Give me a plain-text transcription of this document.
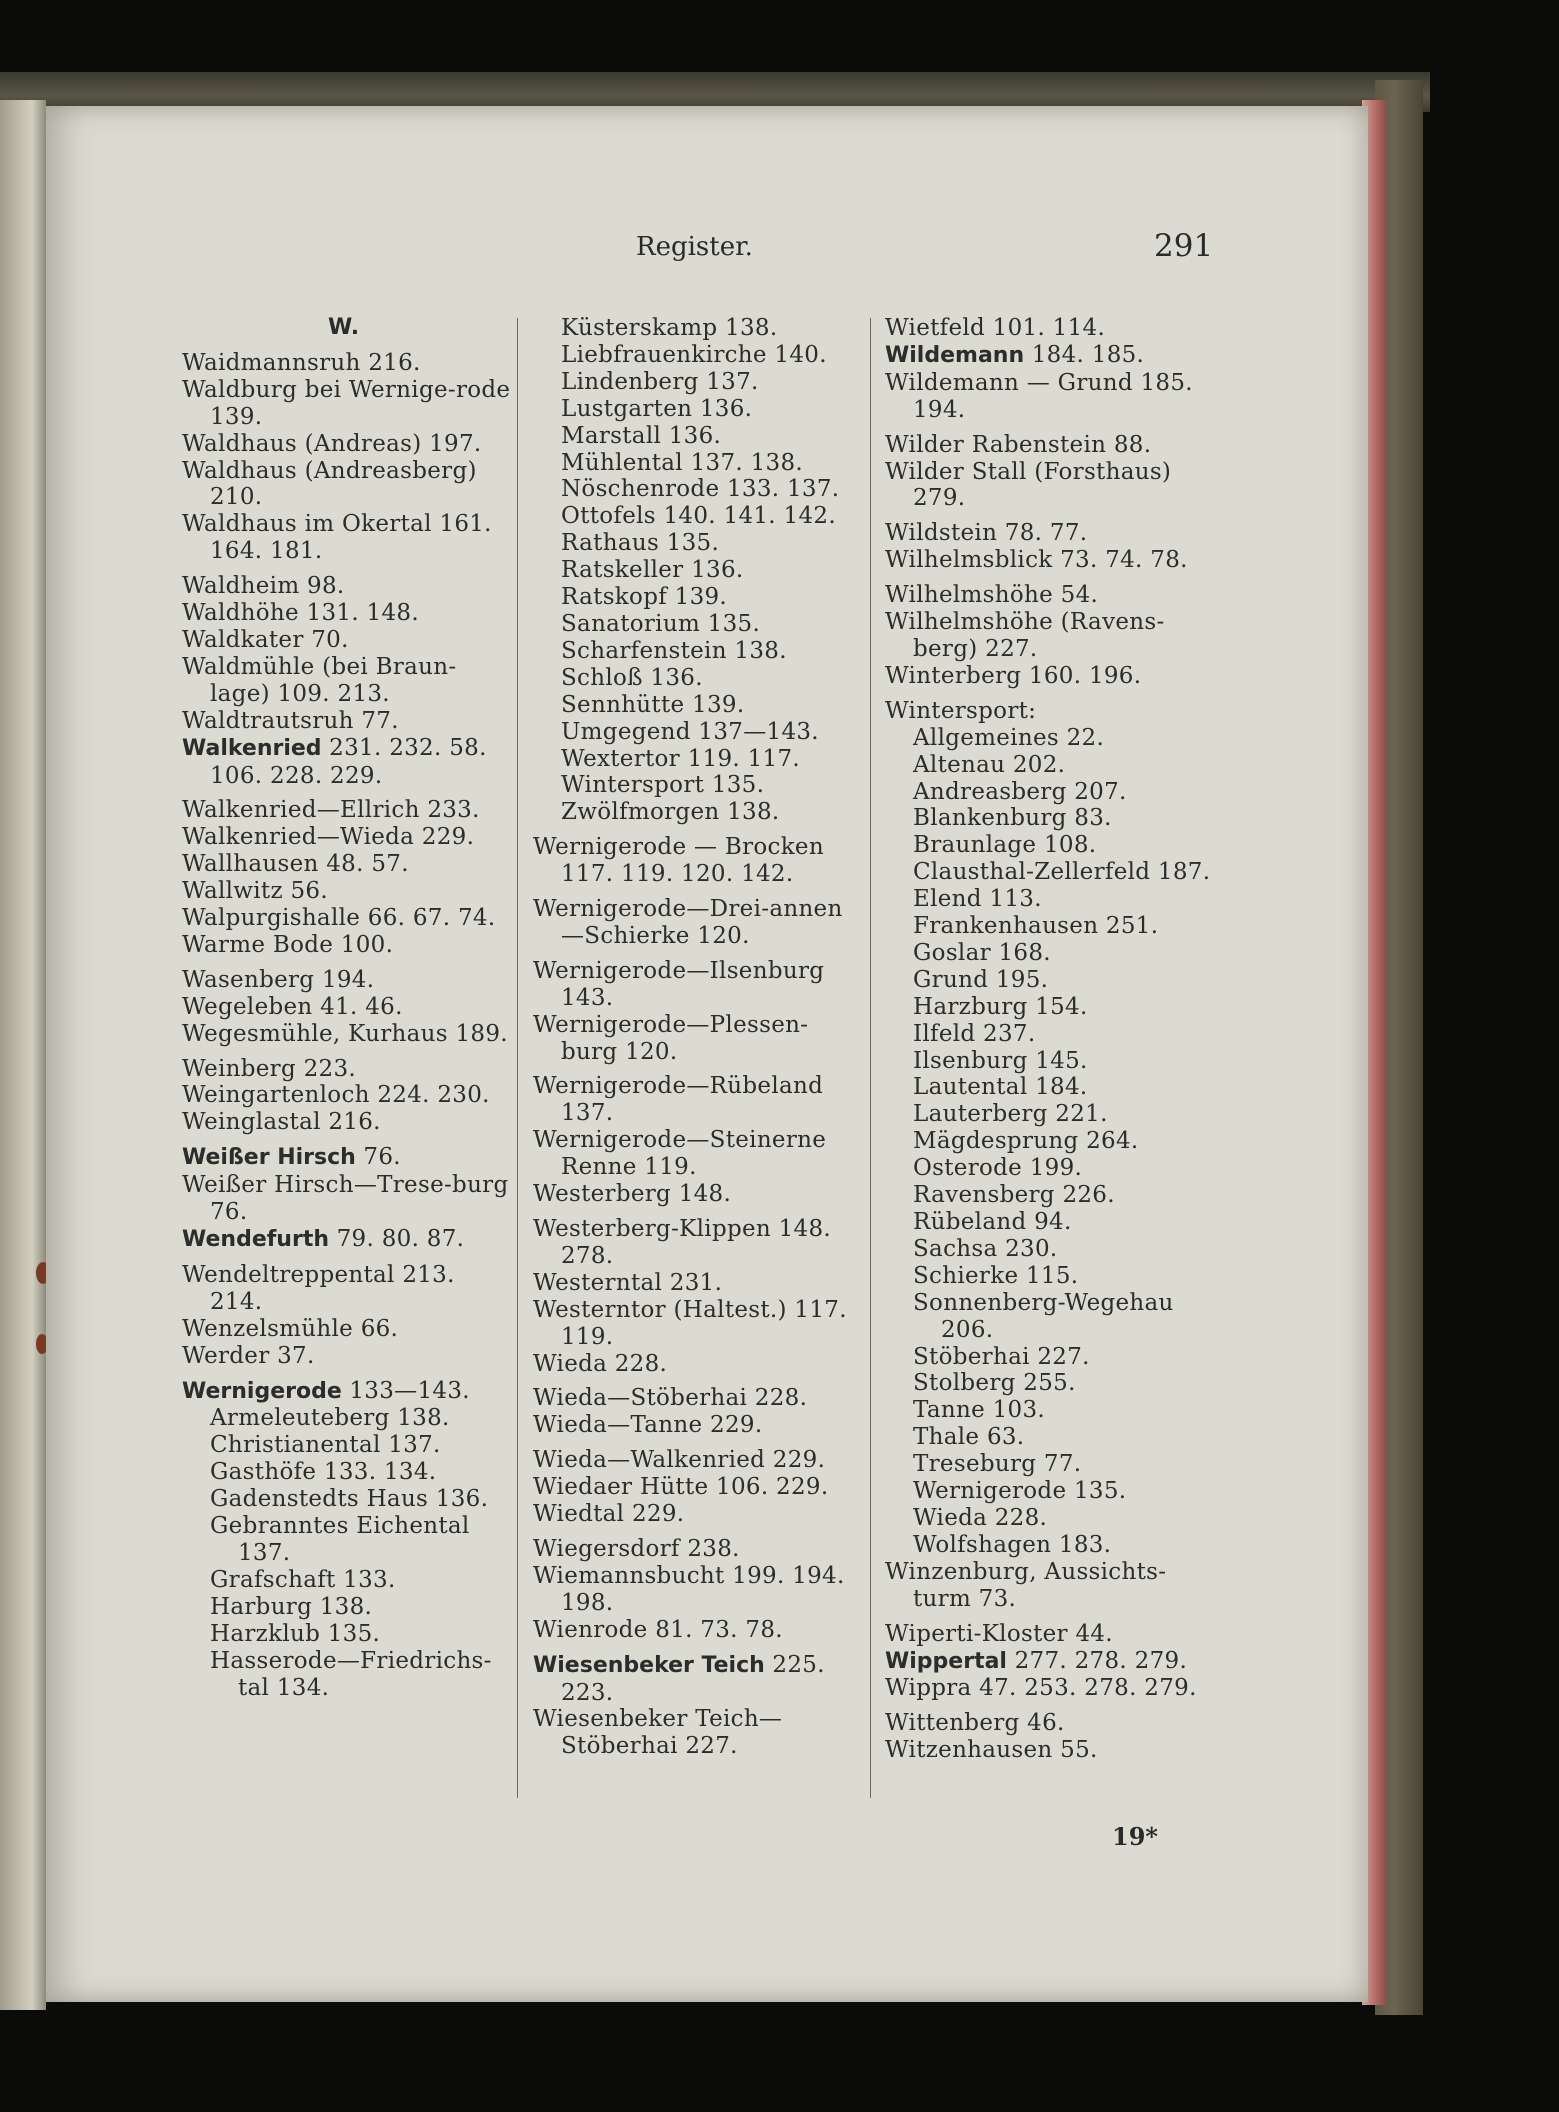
Register.	291
W.
Waidmannsruh 216.
Waldburg bei Wernige-rode 139.
Waldhaus (Andreas) 197.
Waldhaus (Andreasberg) 210.
Waldhaus im Okertal 161. 164. 181.
Waldheim 98.
Waldhöhe 131. 148.
Waldkater 70.
Waldmühle (bei Braun-lage) 109. 213.
Waldtrautsruh 77.
Walkenried 231. 232. 58. 106. 228. 229.
Walkenried—Ellrich 233.
Walkenried—Wieda 229.
Wallhausen 48. 57.
Wallwitz 56.
Walpurgishalle 66. 67. 74.
Warme Bode 100.
Wasenberg 194.
Wegeleben 41. 46.
Wegesmühle, Kurhaus 189.
Weinberg 223.
Weingartenloch 224. 230.
Weinglastal 216.
Weißer Hirsch 76.
Weißer Hirsch—Trese-burg 76.
Wendefurth 79. 80. 87.
Wendeltreppental 213. 214.
Wenzelsmühle 66.
Werder 37.
Wernigerode 133—143.
Armeleuteberg 138.
Christianental 137.
Gasthöfe 133. 134.
Gadenstedts Haus 136.
Gebranntes Eichental 137.
Grafschaft 133.
Harburg 138.
Harzklub 135.
Hasserode—Friedrichs-tal 134.
Küsterskamp 138.
Liebfrauenkirche 140.
Lindenberg 137.
Lustgarten 136.
Marstall 136.
Mühlental 137. 138.
Nöschenrode 133. 137.
Ottofels 140. 141. 142.
Rathaus 135.
Ratskeller 136.
Ratskopf 139.
Sanatorium 135.
Scharfenstein 138.
Schloß 136.
Sennhütte 139.
Umgegend 137—143.
Wextertor 119. 117.
Wintersport 135.
Zwölfmorgen 138.
Wernigerode — Brocken 117. 119. 120. 142.
Wernigerode—Drei-annen—Schierke 120.
Wernigerode—Ilsenburg 143.
Wernigerode—Plessen-burg 120.
Wernigerode—Rübeland 137.
Wernigerode—Steinerne Renne 119.
Westerberg 148.
Westerberg-Klippen 148. 278.
Westerntal 231.
Westerntor (Haltest.) 117. 119.
Wieda 228.
Wieda—Stöberhai 228.
Wieda—Tanne 229.
Wieda—Walkenried 229.
Wiedaer Hütte 106. 229.
Wiedtal 229.
Wiegersdorf 238.
Wiemannsbucht 199. 194. 198.
Wienrode 81. 73. 78.
Wiesenbeker Teich 225. 223.
Wiesenbeker Teich—Stöberhai 227.
Wietfeld 101. 114.
Wildemann 184. 185.
Wildemann — Grund 185. 194.
Wilder Rabenstein 88.
Wilder Stall (Forsthaus) 279.
Wildstein 78. 77.
Wilhelmsblick 73. 74. 78.
Wilhelmshöhe 54.
Wilhelmshöhe (Ravens-berg) 227.
Winterberg 160. 196.
Wintersport:
Allgemeines 22.
Altenau 202.
Andreasberg 207.
Blankenburg 83.
Braunlage 108.
Clausthal-Zellerfeld 187.
Elend 113.
Frankenhausen 251.
Goslar 168.
Grund 195.
Harzburg 154.
Ilfeld 237.
Ilsenburg 145.
Lautental 184.
Lauterberg 221.
Mägdesprung 264.
Osterode 199.
Ravensberg 226.
Rübeland 94.
Sachsa 230.
Schierke 115.
Sonnenberg-Wegehau 206.
Stöberhai 227.
Stolberg 255.
Tanne 103.
Thale 63.
Treseburg 77.
Wernigerode 135.
Wieda 228.
Wolfshagen 183.
Winzenburg, Aussichts-turm 73.
Wiperti-Kloster 44.
Wippertal 277. 278. 279.
Wippra 47. 253. 278. 279.
Wittenberg 46.
Witzenhausen 55.
19*
